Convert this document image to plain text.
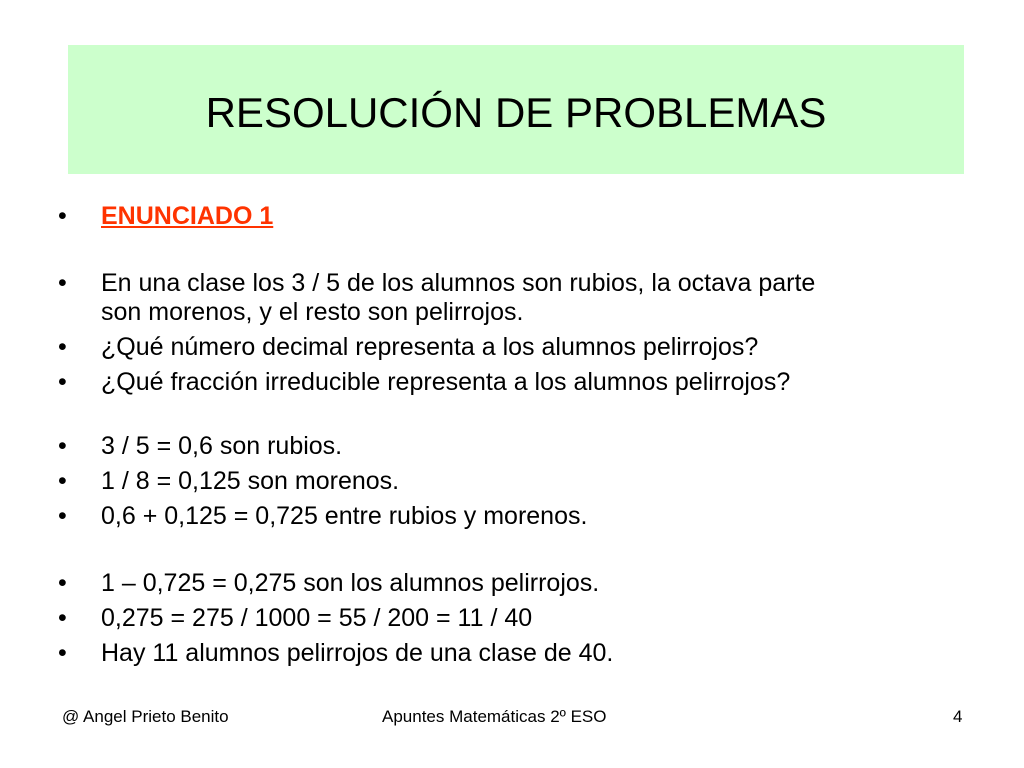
RESOLUCIÓN DE PROBLEMAS
• ENUNCIADO 1
• En una clase los 3 / 5 de los alumnos son rubios, la octava parte
son morenos, y el resto son pelirrojos.
• ¿Qué número decimal representa a los alumnos pelirrojos?
• ¿Qué fracción irreducible representa a los alumnos pelirrojos?
• 3 / 5 = 0,6 son rubios.
• 1 / 8 = 0,125 son morenos.
• 0,6 + 0,125 = 0,725 entre rubios y morenos.
• 1 – 0,725 = 0,275 son los alumnos pelirrojos.
• 0,275 = 275 / 1000 = 55 / 200 = 11 / 40
• Hay 11 alumnos pelirrojos de una clase de 40.
@ Angel Prieto Benito	Apuntes Matemáticas 2º ESO	4
